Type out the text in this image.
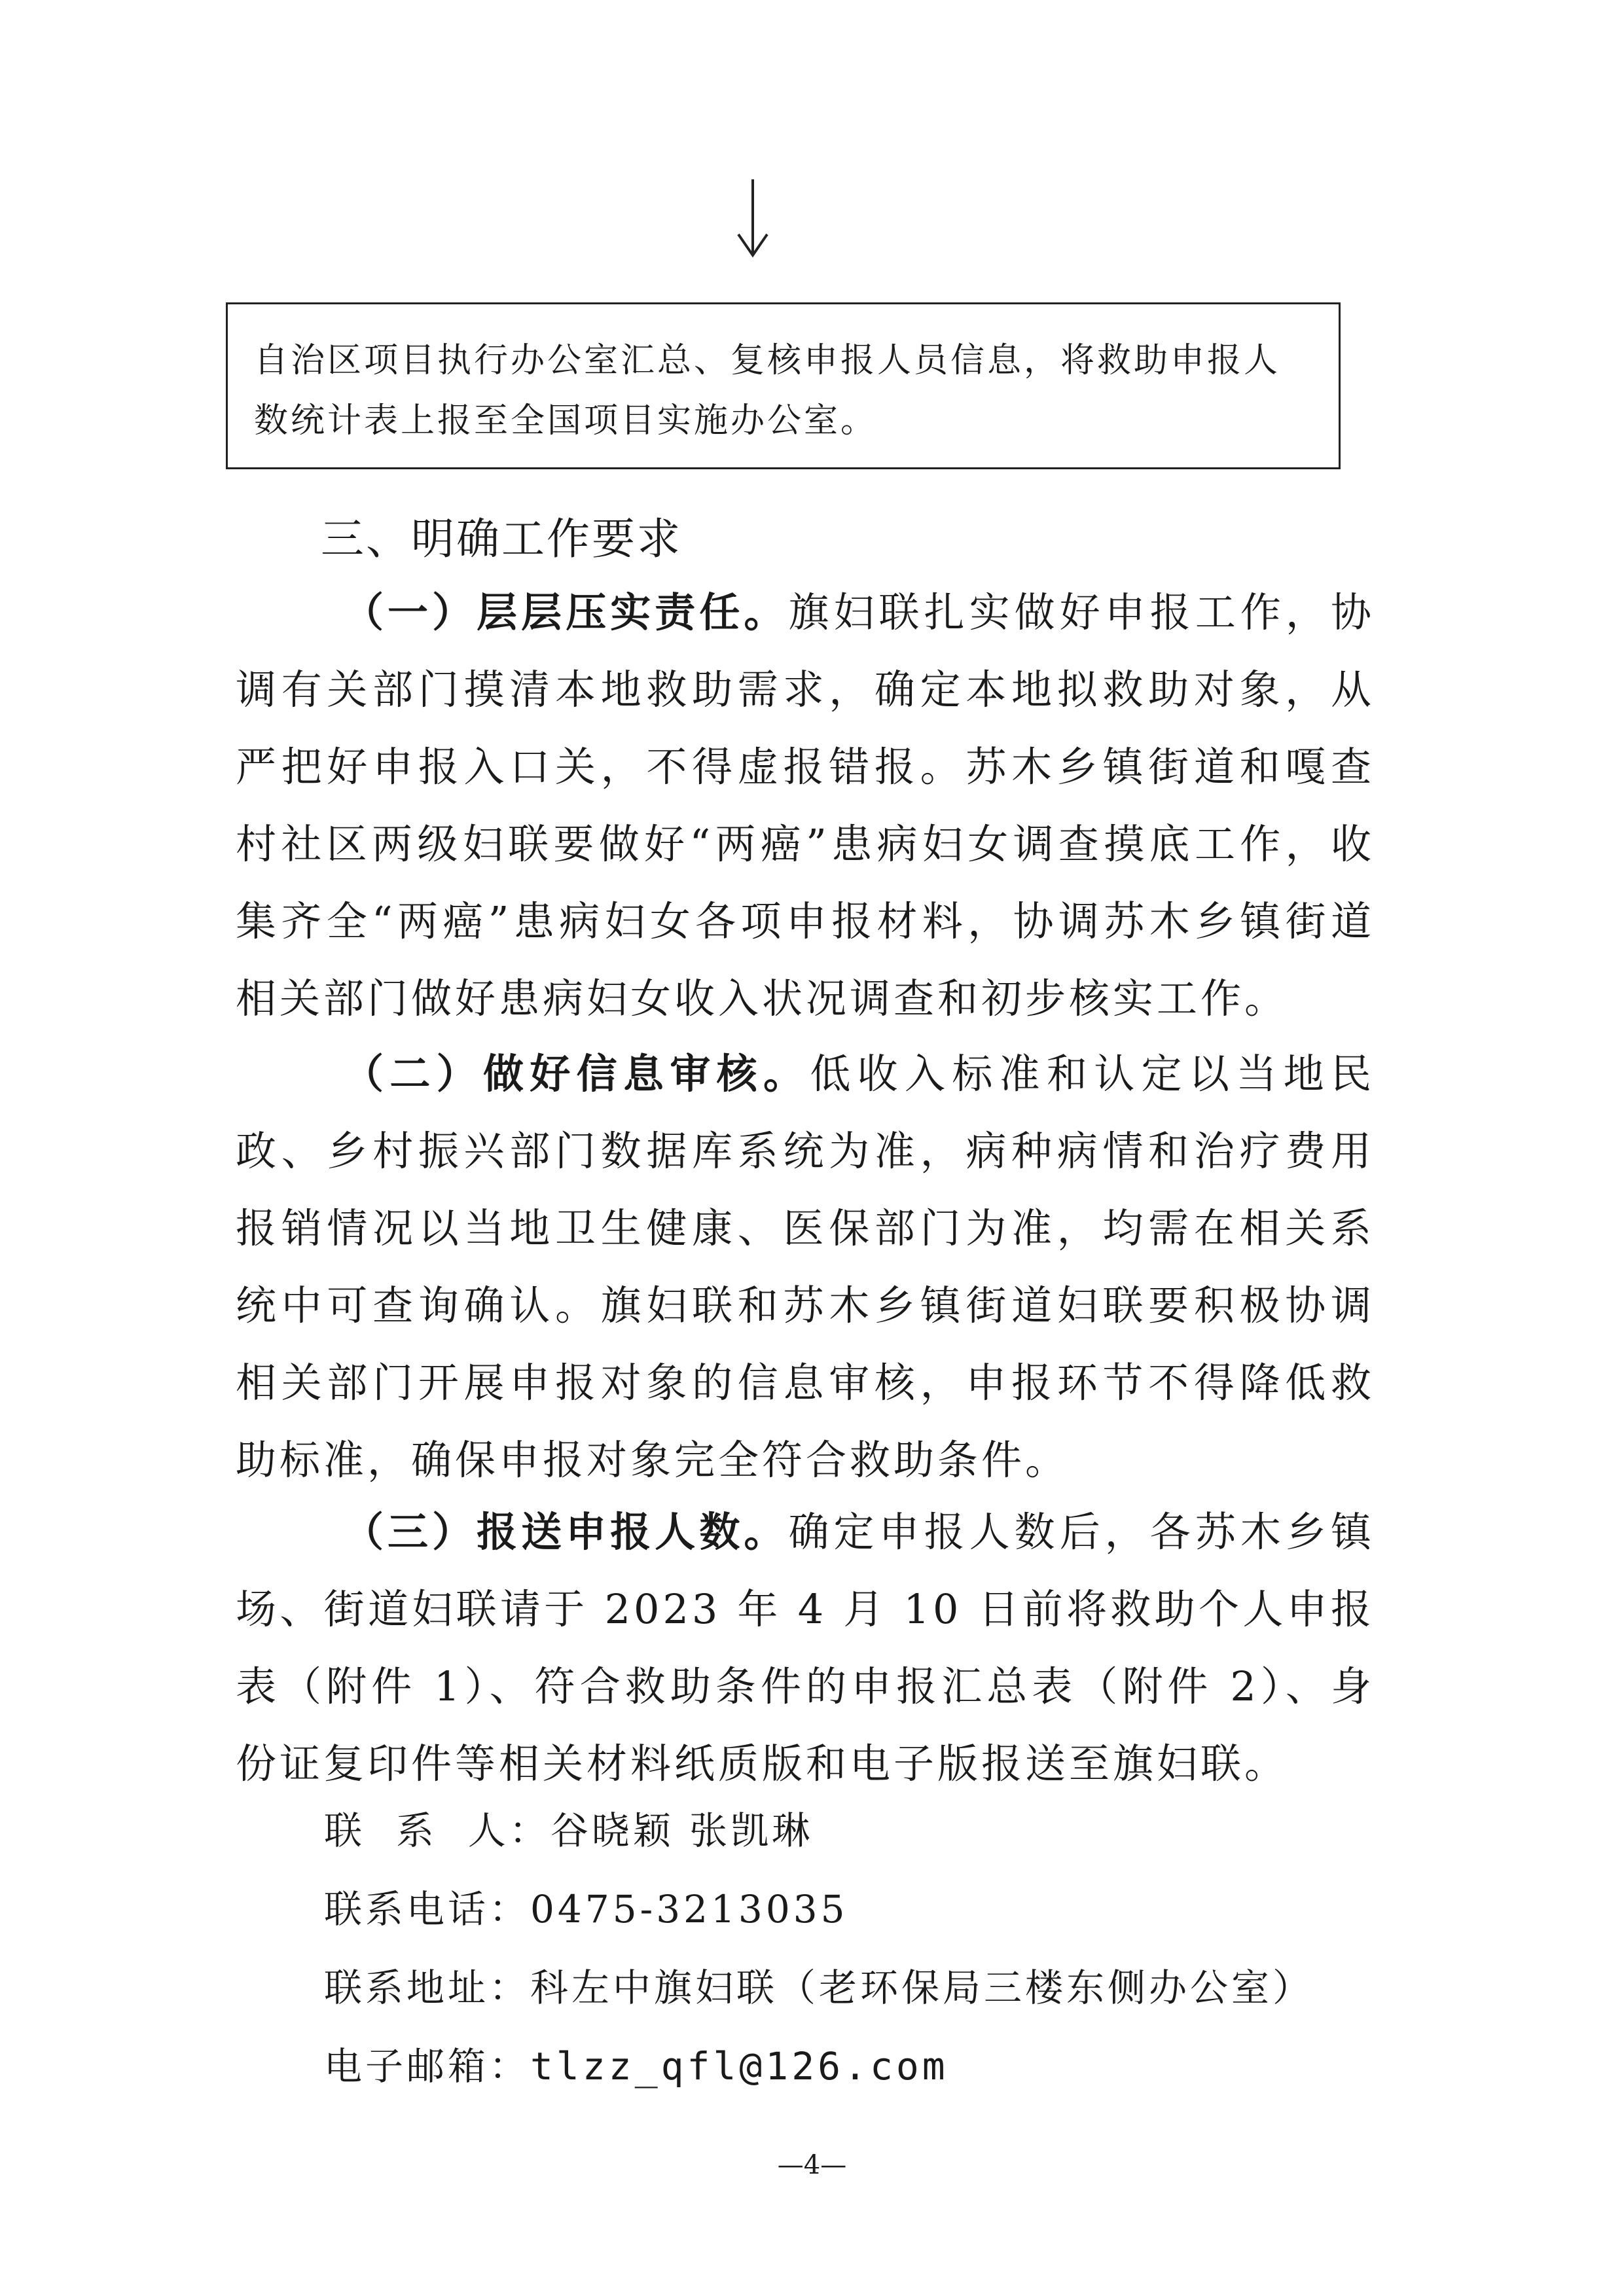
自治区项目执行办公室汇总、复核申报人员信息，将救助申报人

数统计表上报至全国项目实施办公室。

三、明确工作要求

（一）层层压实责任。旗妇联扎实做好申报工作，协调有关部门摸清本地救助需求，确定本地拟救助对象，从严把好申报入口关，不得虚报错报。苏木乡镇街道和嘎查村社区两级妇联要做好“两癌”患病妇女调查摸底工作，收集齐全“两癌”患病妇女各项申报材料，协调苏木乡镇街道相关部门做好患病妇女收入状况调查和初步核实工作。

（二）做好信息审核。低收入标准和认定以当地民政、乡村振兴部门数据库系统为准，病种病情和治疗费用报销情况以当地卫生健康、医保部门为准，均需在相关系统中可查询确认。旗妇联和苏木乡镇街道妇联要积极协调相关部门开展申报对象的信息审核，申报环节不得降低救助标准，确保申报对象完全符合救助条件。

（三）报送申报人数。确定申报人数后，各苏木乡镇场、街道妇联请于 2023 年 4 月 10 日前将救助个人申报表（附件 1）、符合救助条件的申报汇总表（附件 2）、身份证复印件等相关材料纸质版和电子版报送至旗妇联。

联  系  人：谷晓颖 张凯琳
联系电话：0475-3213035
联系地址：科左中旗妇联（老环保局三楼东侧办公室）
电子邮箱：tlzz_qfl@126.com
—4—
